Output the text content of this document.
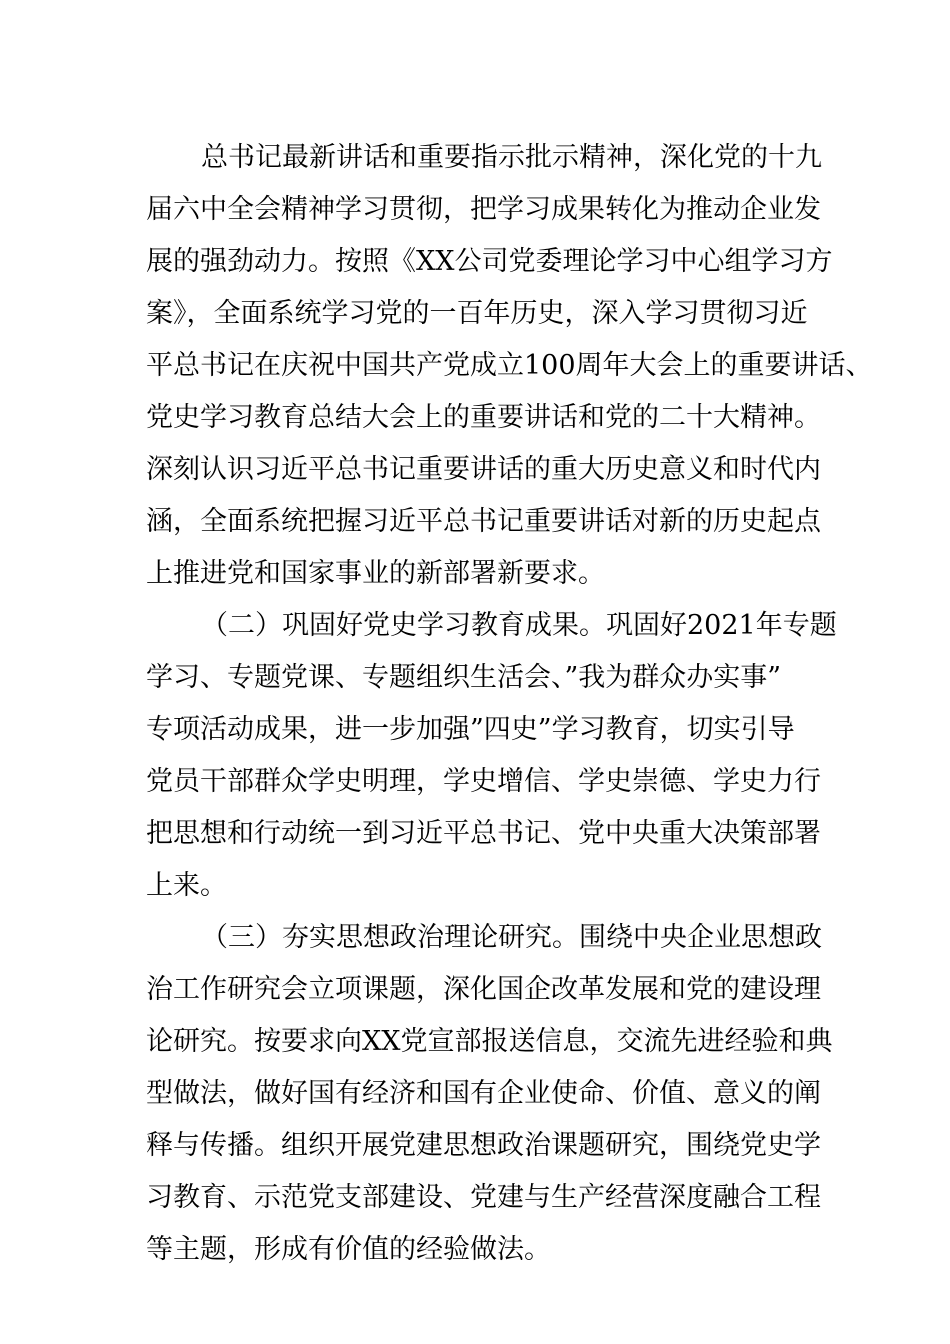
总书记最新讲话和重要指示批示精神，深化党的十九
届六中全会精神学习贯彻，把学习成果转化为推动企业发
展的强劲动力。按照《XX公司党委理论学习中心组学习方
案》，全面系统学习党的一百年历史，深入学习贯彻习近
平总书记在庆祝中国共产党成立100周年大会上的重要讲话、
党史学习教育总结大会上的重要讲话和党的二十大精神。
深刻认识习近平总书记重要讲话的重大历史意义和时代内
涵，全面系统把握习近平总书记重要讲话对新的历史起点
上推进党和国家事业的新部署新要求。
（二）巩固好党史学习教育成果。巩固好2021年专题
学习、专题党课、专题组织生活会、”我为群众办实事”
专项活动成果，进一步加强”四史”学习教育，切实引导
党员干部群众学史明理，学史增信、学史崇德、学史力行
把思想和行动统一到习近平总书记、党中央重大决策部署
上来。
（三）夯实思想政治理论研究。围绕中央企业思想政
治工作研究会立项课题，深化国企改革发展和党的建设理
论研究。按要求向XX党宣部报送信息，交流先进经验和典
型做法，做好国有经济和国有企业使命、价值、意义的阐
释与传播。组织开展党建思想政治课题研究，围绕党史学
习教育、示范党支部建设、党建与生产经营深度融合工程
等主题，形成有价值的经验做法。
